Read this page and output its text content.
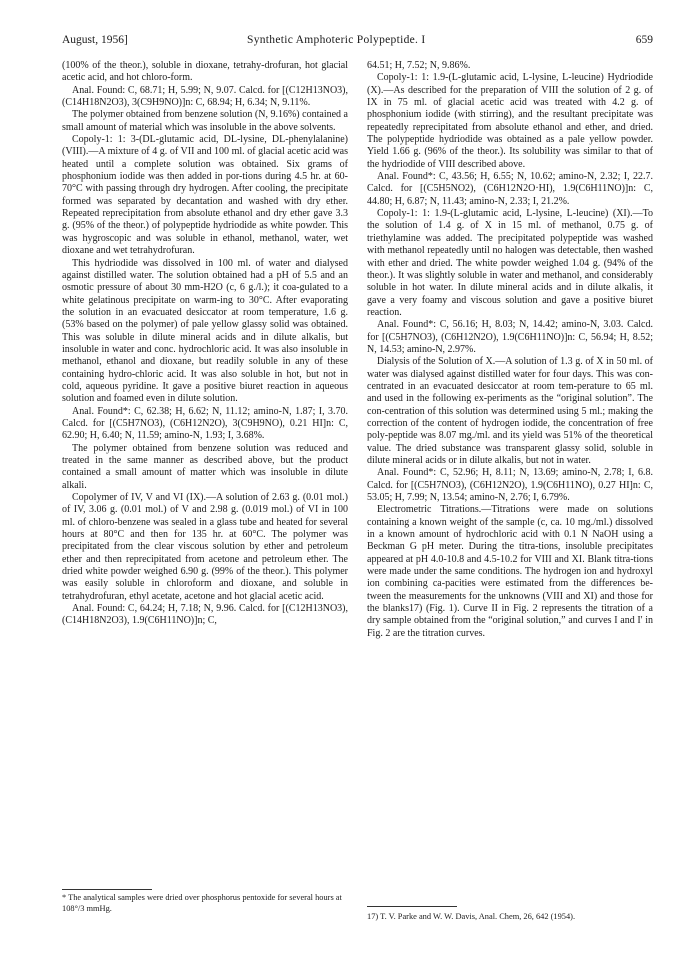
August, 1956]	Synthetic Amphoteric Polypeptide. I	659

(100% of the theor.), soluble in dioxane, tetrahy-drofuran, hot glacial acetic acid, and hot chloro-form.

Anal. Found: C, 68.71; H, 5.99; N, 9.07. Calcd. for [(C12H13NO3), (C14H18N2O3), 3(C9H9NO)]n: C, 68.94; H, 6.34; N, 9.11%.

The polymer obtained from benzene solution (N, 9.16%) contained a small amount of material which was insoluble in the above solvents.

Copoly-1: 1: 3-(DL-glutamic acid, DL-lysine, DL-phenylalanine) (VIII).—A mixture of 4 g. of VII and 100 ml. of glacial acetic acid was heated until a complete solution was obtained. Six grams of phosphonium iodide was then added in por-tions during 4.5 hr. at 60-70°C with passing through dry hydrogen. After cooling, the precipitate formed was separated by decantation and washed with dry ether. Repeated reprecipitation from absolute ethanol and dry ether gave 3.3 g. (95% of the theor.) of polypeptide hydriodide as white powder. This was hygroscopic and was soluble in ethanol, methanol, water, wet dioxane and wet tetrahydrofuran.

This hydriodide was dissolved in 100 ml. of water and dialysed against distilled water. The solution obtained had a pH of 5.5 and an osmotic pressure of about 30 mm-H2O (c, 6 g./l.); it coa-gulated to a white gelatinous precipitate on warm-ing to 30°C. After evaporating the solution in an evacuated desiccator at room temperature, 1.6 g. (53% based on the polymer) of pale yellow glassy solid was obtained. This was soluble in dilute mineral acids and in dilute alkalis, but insoluble in water and conc. hydrochloric acid. It was also insoluble in methanol, ethanol and dioxane, but readily soluble in any of these containing hydro-chloric acid. It was also soluble in hot, but not in cold, aqueous pyridine. It gave a positive biuret reaction in aqueous solution and foamed even in dilute solution.

Anal. Found*: C, 62.38; H, 6.62; N, 11.12; amino-N, 1.87; I, 3.70. Calcd. for [(C5H7NO3), (C6H12N2O), 3(C9H9NO), 0.21 HI]n: C, 62.90; H, 6.40; N, 11.59; amino-N, 1.93; I, 3.68%.

The polymer obtained from benzene solution was reduced and treated in the same manner as described above, but the product contained a small amount of matter which was insoluble in dilute alkali.

Copolymer of IV, V and VI (IX).—A solution of 2.63 g. (0.01 mol.) of IV, 3.06 g. (0.01 mol.) of V and 2.98 g. (0.019 mol.) of VI in 100 ml. of chloro-benzene was sealed in a glass tube and heated for several hours at 80°C and then for 135 hr. at 60°C. The polymer was precipitated from the clear viscous solution by ether and petroleum ether and then reprecipitated from acetone and petroleum ether. The dried white powder weighed 6.90 g. (99% of the theor.). This polymer was easily soluble in chloroform and dioxane, and soluble in tetrahydrofuran, ethyl acetate, acetone and hot glacial acetic acid.

Anal. Found: C, 64.24; H, 7.18; N, 9.96. Calcd. for [(C12H13NO3), (C14H18N2O3), 1.9(C6H11NO)]n; C,

64.51; H, 7.52; N, 9.86%.

Copoly-1: 1: 1.9-(L-glutamic acid, L-lysine, L-leucine) Hydriodide (X).—As described for the preparation of VIII the solution of 2 g. of IX in 75 ml. of glacial acetic acid was treated with 4.2 g. of phosphonium iodide (with stirring), and the resultant precipitate was repeatedly reprecipitated from absolute ethanol and ether, and dried. The polypeptide hydriodide was obtained as a pale yellow powder. Yield 1.66 g. (96% of the theor.). Its solubility was similar to that of the hydriodide of VIII described above.

Anal. Found*: C, 43.56; H, 6.55; N, 10.62; amino-N, 2.32; I, 22.7. Calcd. for [(C5H5NO2), (C6H12N2O·HI), 1.9(C6H11NO)]n: C, 44.80; H, 6.87; N, 11.43; amino-N, 2.33; I, 21.2%.

Copoly-1: 1: 1.9-(L-glutamic acid, L-lysine, L-leucine) (XI).—To the solution of 1.4 g. of X in 15 ml. of methanol, 0.75 g. of triethylamine was added. The precipitated polypeptide was washed with methanol repeatedly until no halogen was detectable, then washed with ether and dried. The white powder weighed 1.04 g. (94% of the theor.). It was slightly soluble in water and methanol, and considerably soluble in hot water. In dilute mineral acids and in dilute alkalis, it gave a very foamy and viscous solution and gave a positive biuret reaction.

Anal. Found*: C, 56.16; H, 8.03; N, 14.42; amino-N, 3.03. Calcd. for [(C5H7NO3), (C6H12N2O), 1.9(C6H11NO)]n: C, 56.94; H, 8.52; N, 14.53; amino-N, 2.97%.

Dialysis of the Solution of X.—A solution of 1.3 g. of X in 50 ml. of water was dialysed against distilled water for four days. This was con-centrated in an evacuated desiccator at room tem-perature to 65 ml. and used in the following ex-periments as the “original solution”. The con-centration of this solution was determined using 5 ml.; making the correction of the content of hydrogen iodide, the concentration of free poly-peptide was 8.07 mg./ml. and its yield was 51% of the theoretical value. The dried substance was transparent glassy solid, soluble in dilute mineral acids or in dilute alkalis, but not in water.

Anal. Found*: C, 52.96; H, 8.11; N, 13.69; amino-N, 2.78; I, 6.8. Calcd. for [(C5H7NO3), (C6H12N2O), 1.9(C6H11NO), 0.27 HI]n: C, 53.05; H, 7.99; N, 13.54; amino-N, 2.76; I, 6.79%.

Electrometric Titrations.—Titrations were made on solutions containing a known weight of the sample (c, ca. 10 mg./ml.) dissolved in a known amount of hydrochloric acid with 0.1 N NaOH using a Beckman G pH meter. During the titra-tions, insoluble precipitates appeared at pH 4.0-10.8 and 4.5-10.2 for VIII and XI. Blank titra-tions were made under the same conditions. The hydrogen ion and hydroxyl ion combining ca-pacities were estimated from the differences be-tween the measurements for the unknowns (VIII and XI) and those for the blanks17) (Fig. 1). Curve II in Fig. 2 represents the titration of a dry sample obtained from the “original solution,” and curves I and I' in Fig. 2 are the titration curves.

* The analytical samples were dried over phosphorus pentoxide for several hours at 108°/3 mmHg.
17) T. V. Parke and W. W. Davis, Anal. Chem, 26, 642 (1954).
